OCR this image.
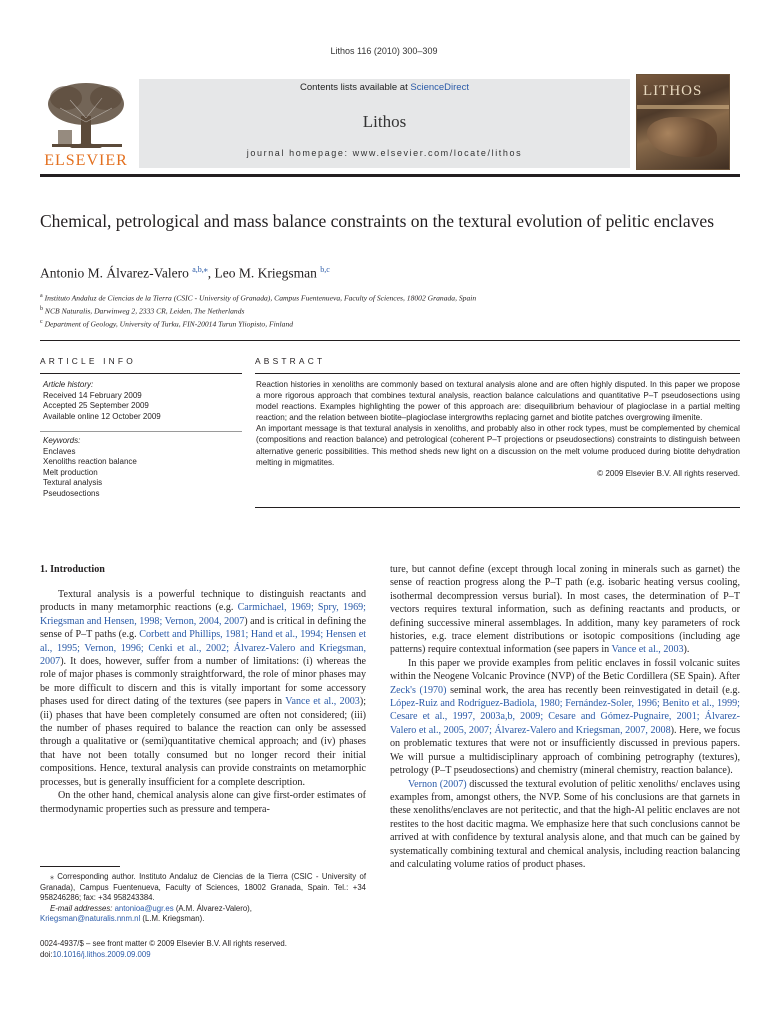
Lithos 116 (2010) 300–309
ELSEVIER
Contents lists available at ScienceDirect
Lithos
journal homepage: www.elsevier.com/locate/lithos
LITHOS
Chemical, petrological and mass balance constraints on the textural evolution of pelitic enclaves
Antonio M. Álvarez-Valero $^{a,b,⁎}$, Leo M. Kriegsman $^{b,c}$
$^a$ Instituto Andaluz de Ciencias de la Tierra (CSIC - University of Granada), Campus Fuentenueva, Faculty of Sciences, 18002 Granada, Spain
$^b$ NCB Naturalis, Darwinweg 2, 2333 CR, Leiden, The Netherlands
$^c$ Department of Geology, University of Turku, FIN-20014 Turun Yliopisto, Finland
ARTICLE INFO	ABSTRACT
Article history:
Received 14 February 2009
Accepted 25 September 2009
Available online 12 October 2009
Keywords:
Enclaves
Xenoliths reaction balance
Melt production
Textural analysis
Pseudosections

Reaction histories in xenoliths are commonly based on textural analysis alone and are often highly disputed. In this paper we propose a more rigorous approach that combines textural analysis, reaction balance calculations and quantitative P–T pseudosections using model reactions. Examples highlighting the power of this approach are: disequilibrium behaviour of plagioclase in a partial melting reaction; and the relation between biotite–plagioclase intergrowths replacing garnet and biotite patches overgrowing ilmenite.

An important message is that textural analysis in xenoliths, and probably also in other rock types, must be complemented by chemical (compositions and reaction balance) and petrological (coherent P–T projections or pseudosections) constraints to distinguish between alternative generic possibilities. This method sheds new light on a discussion on the melt volume produced during biotite dehydration melting in migmatites.

© 2009 Elsevier B.V. All rights reserved.

1. Introduction

Textural analysis is a powerful technique to distinguish reactants and products in many metamorphic reactions (e.g. Carmichael, 1969; Spry, 1969; Kriegsman and Hensen, 1998; Vernon, 2004, 2007) and is critical in defining the sense of P–T paths (e.g. Corbett and Phillips, 1981; Hand et al., 1994; Hensen et al., 1995; Vernon, 1996; Cenki et al., 2002; Álvarez-Valero and Kriegsman, 2007). It does, however, suffer from a number of limitations: (i) whereas the role of major phases is commonly straightforward, the role of minor phases may be more difficult to discern and this is vitally important for some accessory phases used for direct dating of the textures (see papers in Vance et al., 2003); (ii) phases that have been completely consumed are often not considered; (iii) the number of phases required to balance the reaction can only be assessed through a qualitative or (semi)quantitative chemical approach; and (iv) phases that have not been totally consumed but no longer record their initial compositions. Hence, textural analysis can provide constraints on metamorphic processes, but is generally insufficient for a complete description.

On the other hand, chemical analysis alone can give first-order estimates of thermodynamic properties such as pressure and tempera-

ture, but cannot define (except through local zoning in minerals such as garnet) the sense of reaction progress along the P–T path (e.g. isobaric heating versus cooling, isothermal decompression versus burial). In most cases, the determination of P–T vectors requires textural information, such as defining reactants and products, or defining successive mineral assemblages. In addition, many key parameters of rock histories, e.g. trace element distributions or isotopic compositions (including age patterns) require contextual information (see papers in Vance et al., 2003).

In this paper we provide examples from pelitic enclaves in fossil volcanic suites within the Neogene Volcanic Province (NVP) of the Betic Cordillera (SE Spain). After Zeck's (1970) seminal work, the area has recently been reinvestigated in detail (e.g. López-Ruiz and Rodríguez-Badiola, 1980; Fernández-Soler, 1996; Benito et al., 1999; Cesare et al., 1997, 2003a,b, 2009; Cesare and Gómez-Pugnaire, 2001; Álvarez-Valero et al., 2005, 2007; Álvarez-Valero and Kriegsman, 2007, 2008). Here, we focus on problematic textures that were not or insufficiently discussed in previous papers. We will pursue a multidisciplinary approach of combining petrography (textures), petrology (P–T pseudosections) and chemistry (mineral chemistry, reaction balance).

Vernon (2007) discussed the textural evolution of pelitic xenoliths/ enclaves using examples from, amongst others, the NVP. Some of his conclusions are that garnets in these xenoliths/enclaves are not peritectic, and that the high-Al pelitic enclaves are not restites to the host dacitic magma. We emphasize here that such conclusions cannot be arrived at with confidence by textural analysis alone, and that much can be gained by systematically combining textural and chemical analysis, including reaction balancing and calculating volume ratios of product phases.

⁎ Corresponding author. Instituto Andaluz de Ciencias de la Tierra (CSIC - University of Granada), Campus Fuentenueva, Faculty of Sciences, 18002 Granada, Spain. Tel.: +34 958246286; fax: +34 958243384.

E-mail addresses: antonioa@ugr.es (A.M. Álvarez-Valero),
Kriegsman@naturalis.nnm.nl (L.M. Kriegsman).

0024-4937/$ – see front matter © 2009 Elsevier B.V. All rights reserved.
doi:10.1016/j.lithos.2009.09.009
